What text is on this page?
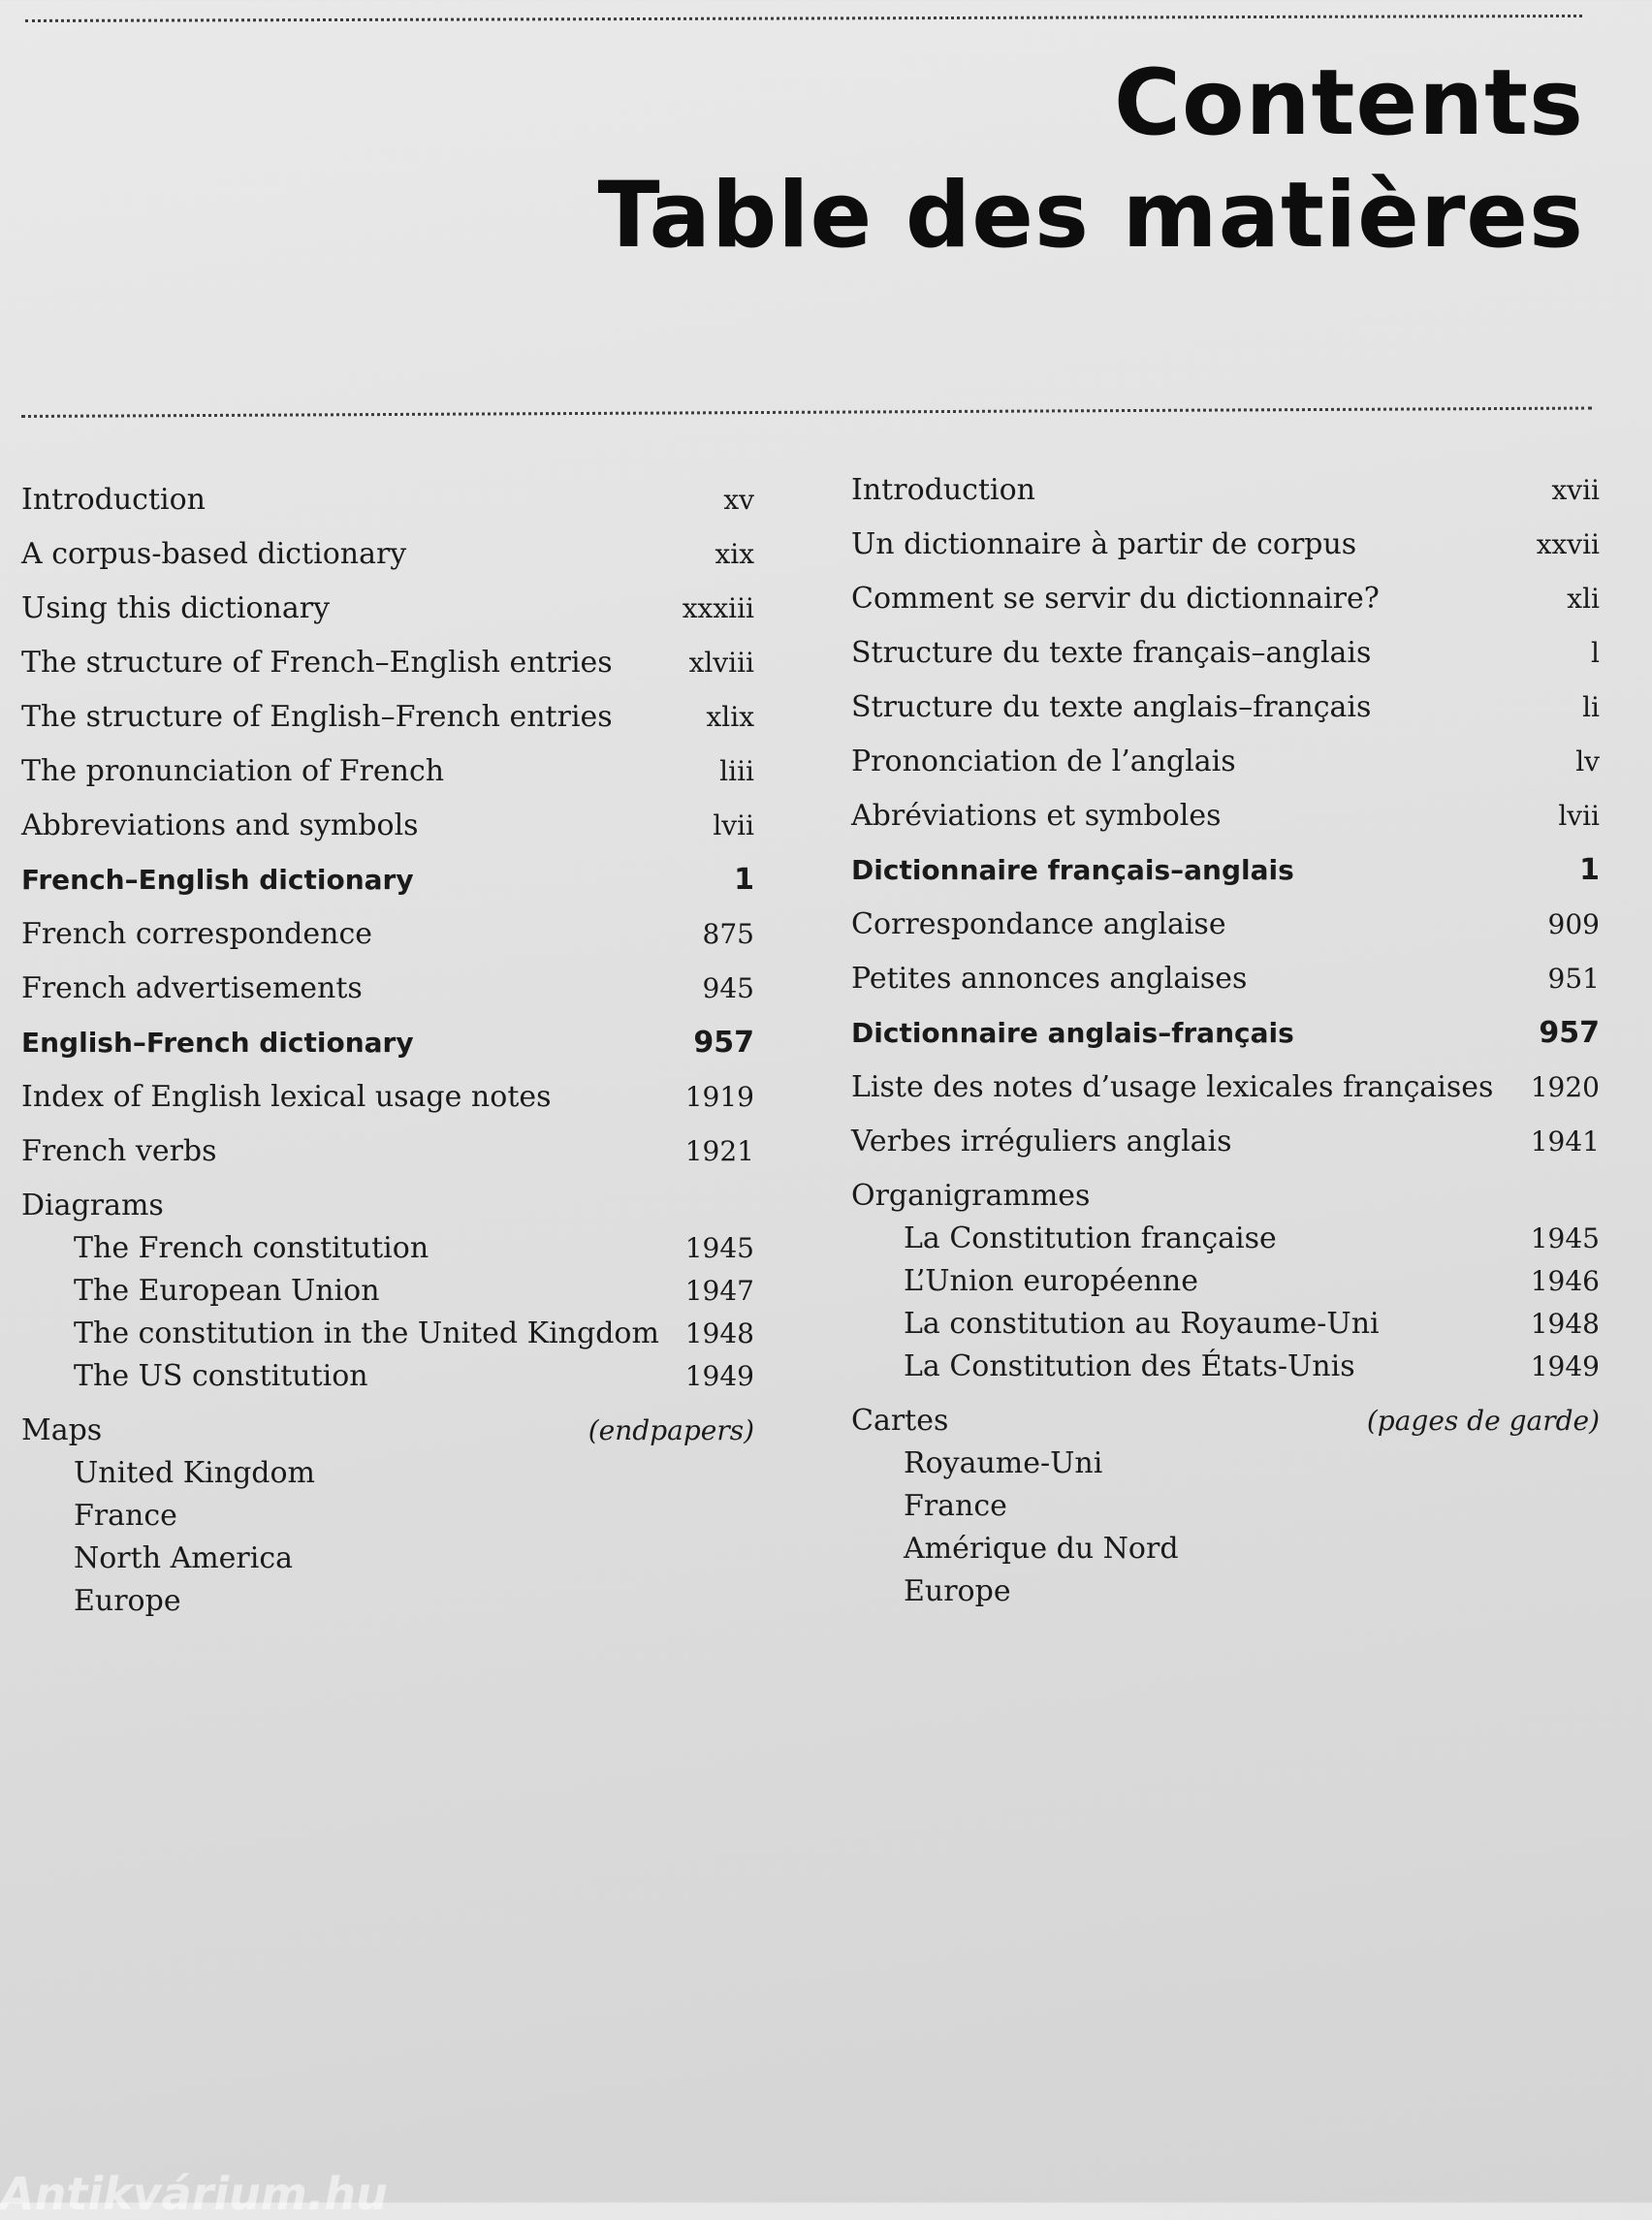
Contents
Table des matières
Introduction	xv
A corpus-based dictionary	xix
Using this dictionary	xxxiii
The structure of French–English entries	xlviii
The structure of English–French entries	xlix
The pronunciation of French	liii
Abbreviations and symbols	lvii
French–English dictionary	1
French correspondence	875
French advertisements	945
English–French dictionary	957
Index of English lexical usage notes	1919
French verbs	1921
Diagrams
The French constitution	1945
The European Union	1947
The constitution in the United Kingdom 1948
The US constitution	1949
Maps	(endpapers)
United Kingdom
France
North America
Europe
Introduction	xvii
Un dictionnaire à partir de corpus	xxvii
Comment se servir du dictionnaire?	xli
Structure du texte français–anglais	l
Structure du texte anglais–français	li
Prononciation de l’anglais	lv
Abréviations et symboles	lvii
Dictionnaire français–anglais	1
Correspondance anglaise	909
Petites annonces anglaises	951
Dictionnaire anglais–français	957
Liste des notes d’usage lexicales françaises 1920
Verbes irréguliers anglais	1941
Organigrammes
La Constitution française	1945
L’Union européenne	1946
La constitution au Royaume-Uni	1948
La Constitution des États-Unis	1949
Cartes	(pages de garde)
Royaume-Uni
France
Amérique du Nord
Europe
Antikvárium.hu
